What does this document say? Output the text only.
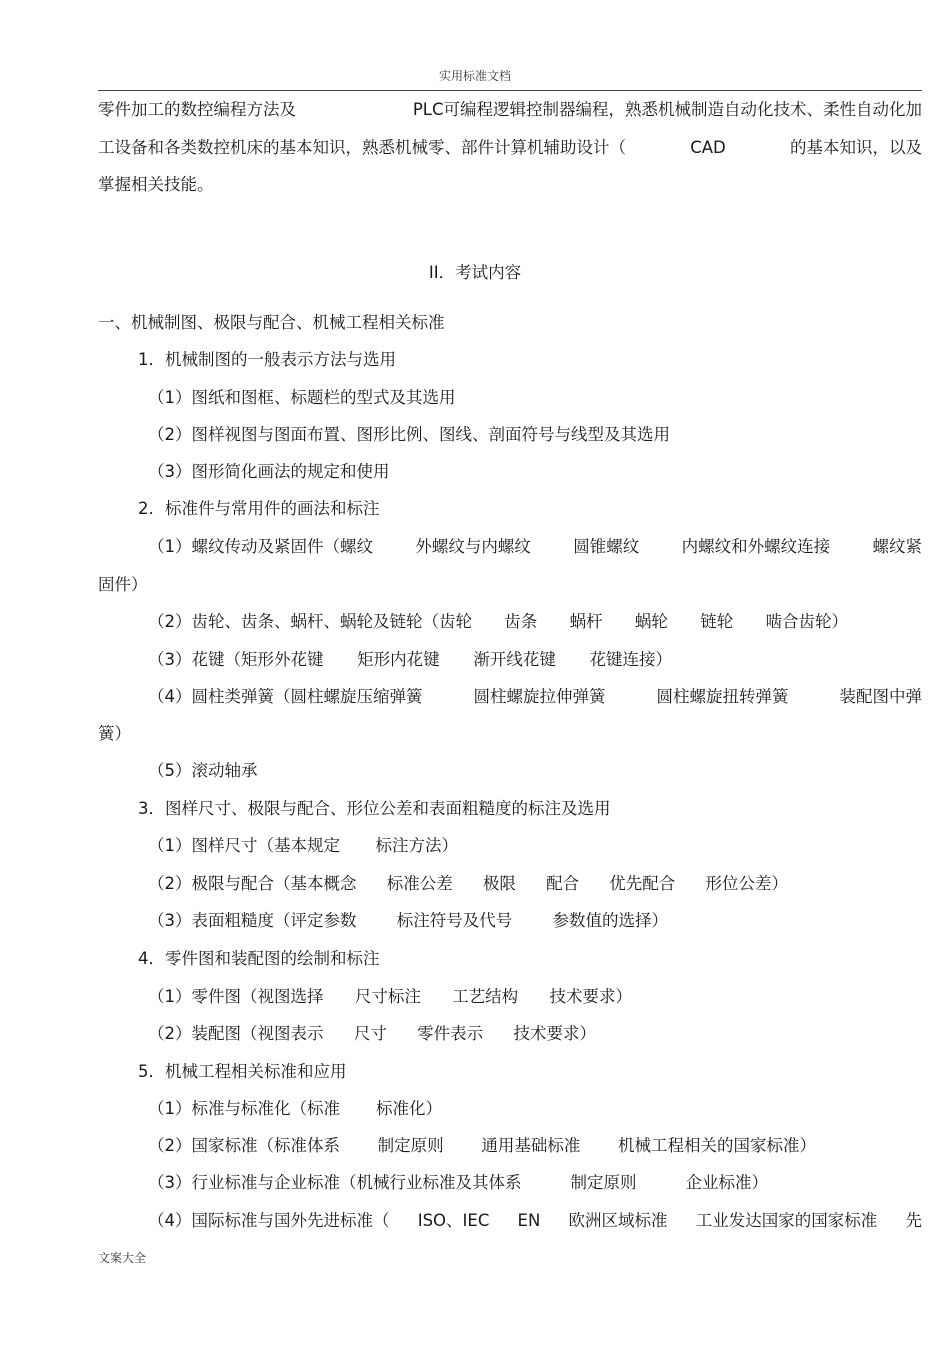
实用标准文档
零件加工的数控编程方法及	PLC可编程逻辑控制器编程，熟悉机械制造自动化技术、柔性自动化加
工设备和各类数控机床的基本知识，熟悉机械零、部件计算机辅助设计（	CAD	的基本知识，以及
掌握相关技能。
II．考试内容
一、机械制图、极限与配合、机械工程相关标准
1．机械制图的一般表示方法与选用
（1）图纸和图框、标题栏的型式及其选用
（2）图样视图与图面布置、图形比例、图线、剖面符号与线型及其选用
（3）图形简化画法的规定和使用
2．标准件与常用件的画法和标注
（1）螺纹传动及紧固件（螺纹	外螺纹与内螺纹	圆锥螺纹	内螺纹和外螺纹连接	螺纹紧
固件）
（2）齿轮、齿条、蜗杆、蜗轮及链轮（齿轮 齿条 蜗杆 蜗轮 链轮 啮合齿轮）
（3）花键（矩形外花键 矩形内花键 渐开线花键 花键连接）
（4）圆柱类弹簧（圆柱螺旋压缩弹簧	圆柱螺旋拉伸弹簧	圆柱螺旋扭转弹簧	装配图中弹
簧）
（5）滚动轴承
3．图样尺寸、极限与配合、形位公差和表面粗糙度的标注及选用
（1）图样尺寸（基本规定 标注方法）
（2）极限与配合（基本概念 标准公差 极限 配合 优先配合 形位公差）
（3）表面粗糙度（评定参数 标注符号及代号 参数值的选择）
4．零件图和装配图的绘制和标注
（1）零件图（视图选择 尺寸标注 工艺结构 技术要求）
（2）装配图（视图表示 尺寸 零件表示 技术要求）
5．机械工程相关标准和应用
（1）标准与标准化（标准 标准化）
（2）国家标准（标准体系 制定原则 通用基础标准 机械工程相关的国家标准）
（3）行业标准与企业标准（机械行业标准及其体系	制定原则	企业标准）
（4）国际标准与国外先进标准（ ISO、IEC EN 欧洲区域标准 工业发达国家的国家标准 先
文案大全
